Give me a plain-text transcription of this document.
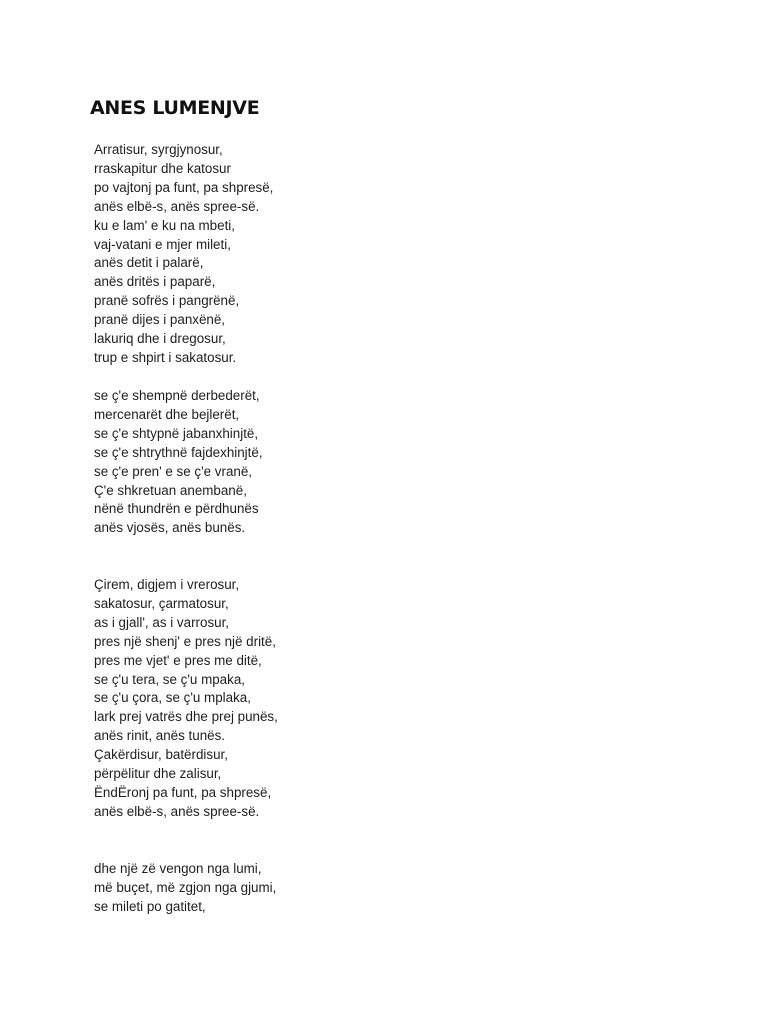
ANES LUMENJVE
Arratisur, syrgjynosur,
rraskapitur dhe katosur
po vajtonj pa funt, pa shpresë,
anës elbë-s, anës spree-së.
ku e lam' e ku na mbeti,
vaj-vatani e mjer mileti,
anës detit i palarë,
anës dritës i paparë,
pranë sofrës i pangrënë,
pranë dijes i panxënë,
lakuriq dhe i dregosur,
trup e shpirt i sakatosur.
se ç'e shempnë derbederët,
mercenarët dhe bejlerët,
se ç'e shtypnë jabanxhinjtë,
se ç'e shtrythnë fajdexhinjtë,
se ç'e pren' e se ç'e vranë,
Ç'e shkretuan anembanë,
nënë thundrën e përdhunës
anës vjosës, anës bunës.
Çirem, digjem i vrerosur,
sakatosur, çarmatosur,
as i gjall', as i varrosur,
pres një shenj' e pres një dritë,
pres me vjet' e pres me ditë,
se ç'u tera, se ç'u mpaka,
se ç'u çora, se ç'u mplaka,
lark prej vatrës dhe prej punës,
anës rinit, anës tunës.
Çakërdisur, batërdisur,
përpëlitur dhe zalisur,
ËndËronj pa funt, pa shpresë,
anës elbë-s, anës spree-së.
dhe një zë vengon nga lumi,
më buçet, më zgjon nga gjumi,
se mileti po gatitet,
